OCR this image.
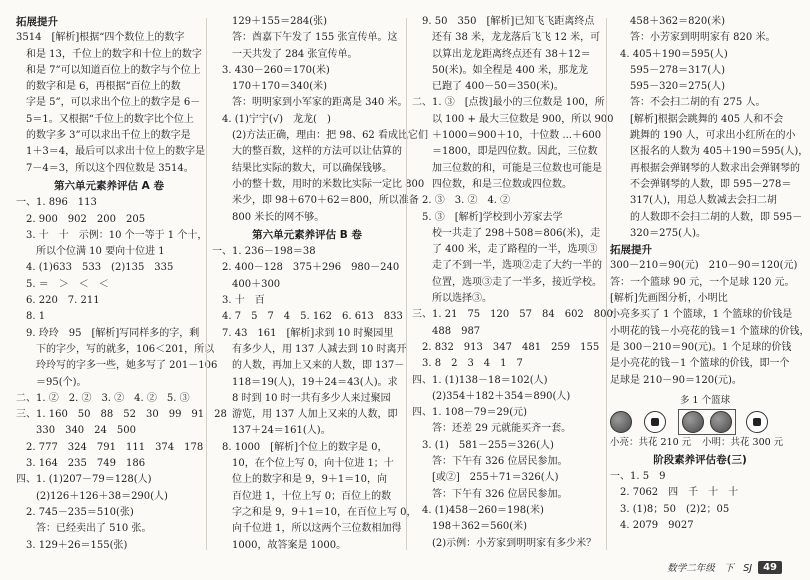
拓展提升
3514　[解析]根据“四个数位上的数字
　和是 13，千位上的数字和十位上的数字
　和是 7”可以知道百位上的数字与个位上
　的数字和是 6，再根据“百位上的数
　字是 5”，可以求出个位上的数字是 6－
　5＝1。又根据“千位上的数字比个位上
　的数字多 3”可以求出千位上的数字是
　1＋3＝4，最后可以求出十位上的数字是
　7－4＝3，所以这个四位数是 3514。
第六单元素养评估 A 卷
一、1. 896　113
　2. 900　902　200　205
　3. 十　十　示例：10 个一等于 1 个十，
　　所以个位满 10 要向十位进 1
　4. (1)633　533　(2)135　335
　5. ＝　＞　＜　＜
　6. 220　7. 211
　8. 1
　9. 玲玲　95　[解析]写同样多的字，剩
　　下的字少，写的就多，106＜201，所以
　　玲玲写的字多一些，她多写了 201－106
　　＝95(个)。
二、1. ②　2. ②　3. ②　4. ②　5. ③
三、1. 160　50　88　52　30　99　91　28
　　330　340　24　500
　2. 777　324　791　111　374　178
　3. 164　235　749　186
四、1. (1)207－79＝128(人)
　　(2)126＋126＋38＝290(人)
　2. 745－235＝510(张)
　　答：已经卖出了 510 张。
　3. 129＋26＝155(张)
　　129＋155＝284(张)
　　答：酋嘉下午发了 155 张宣传单。这
　　一天共发了 284 张宣传单。
　3. 430－260＝170(米)
　　170＋170＝340(米)
　　答：明明家到小军家的距离是 340 米。
　4. (1)宁宁(√)　龙龙(　)
　　(2)方法正确，理由：把 98、62 看成比它们
　　大的整百数，这样的方法可以让估算的
　　结果比实际的数大，可以确保钱够。
　　小的整十数，用时的米数比实际一定比 800
　　米少，即 98＋670＋62＝800，所以准备
　　800 米长的网不够。
第六单元素养评估 B 卷
一、1. 236－198＝38
　2. 400－128　375＋296　980－240
　　400＋300
　3. 十　百
　4. 7　5　7　4　5. 162　6. 613　833
　7. 43　161　[解析]求到 10 时聚园里
　　有多少人，用 137 人减去到 10 时离开
　　的人数，再加上又来的人数，即 137－
　　118＝19(人)，19＋24＝43(人)。求
　　8 时到 10 时一共有多少人来过聚园
　　游览，用 137 人加上又来的人数，即
　　137＋24＝161(人)。
　8. 1000　[解析]个位上的数字是 0，
　　10，在个位上写 0，向十位进 1；十
　　位上的数字和是 9，9＋1＝10，向
　　百位进 1，十位上写 0；百位上的数
　　字之和是 9，9＋1＝10，在百位上写 0，
　　向千位进 1，所以这两个三位数相加得
　　1000，故答案是 1000。
　9. 50　350　[解析]已知飞飞距离终点
　　还有 38 米，龙龙落后飞飞 12 米，可
　　以算出龙龙距离终点还有 38＋12＝
　　50(米)。如全程是 400 米，那龙龙
　　已跑了 400－50＝350(米)。
二、1. ③　[点拨]最小的三位数是 100，所
　　以 100 + 最大三位数是 900，所以 900
　　＋1000＝900＋10，十位数 ...＋600
　　＝1800，即是四位数。因此，三位数
　　加三位数的和，可能是三位数也可能是
　　四位数，和是三位数或四位数。
　2. ③　3. ②　4. ②
　5. ③　[解析]学校到小芳家去学
　　校一共走了 298＋508＝806(米)，走
　　了 400 米，走了路程的一半，选项③
　　走了不到一半，选项②走了大约一半的
　　位置，选项③走了一半多，接近学校。
　　所以选择③。
三、1. 21　75　120　57　84　602　800
　　488　987
　2. 832　913　347　481　259　155
　3. 8　2　3　4　1　7
四、1. (1)138－18＝102(人)
　　(2)354＋182＋354＝890(人)
四、1. 108－79＝29(元)
　　答：还差 29 元就能买齐一套。
　3. (1)　581－255＝326(人)
　　答：下午有 326 位居民参加。
　　[或②]　255＋71＝326(人)
　　答：下午有 326 位居民参加。
　4. (1)458－260＝198(米)
　　198＋362＝560(米)
　　(2)示例：小芳家到明明家有多少米？
　　458＋362＝820(米)
　　答：小芳家到明明家有 820 米。
　4. 405＋190＝595(人)
　　595－278＝317(人)
　　595－320＝275(人)
　　答：不会扫二胡的有 275 人。
　　[解析]根据会跳舞的 405 人和不会
　　跳舞的 190 人，可求出小红所在的小
　　区报名的人数为 405＋190＝595(人)，
　　再根据会弹钢琴的人数求出会弹钢琴的
　　不会弹钢琴的人数，即 595－278＝
　　317(人)，用总人数减去会扫二胡
　　的人数即不会扫二胡的人数，即 595－
　　320＝275(人)。
拓展提升
300－210＝90(元)　210－90＝120(元)
答：一个篮球 90 元，一个足球 120 元。
[解析]先画图分析，小明比
小亮多买了 1 个篮球，1 个篮球的价钱是
小明花的钱－小亮花的钱＝1 个篮球的价钱，
是 300－210＝90(元)。1 个足球的价钱
是小亮花的钱－1 个篮球的价钱，即一个
足球是 210－90＝120(元)。
多 1 个篮球
小亮：共花 210 元 小明：共花 300 元
阶段素养评估卷(三)
一、1. 5　9
　2. 7062　四　千　十　十
　3. (1)8；50　(2)2；05
　4. 2079　9027
数学二年级　下　SJ	49
